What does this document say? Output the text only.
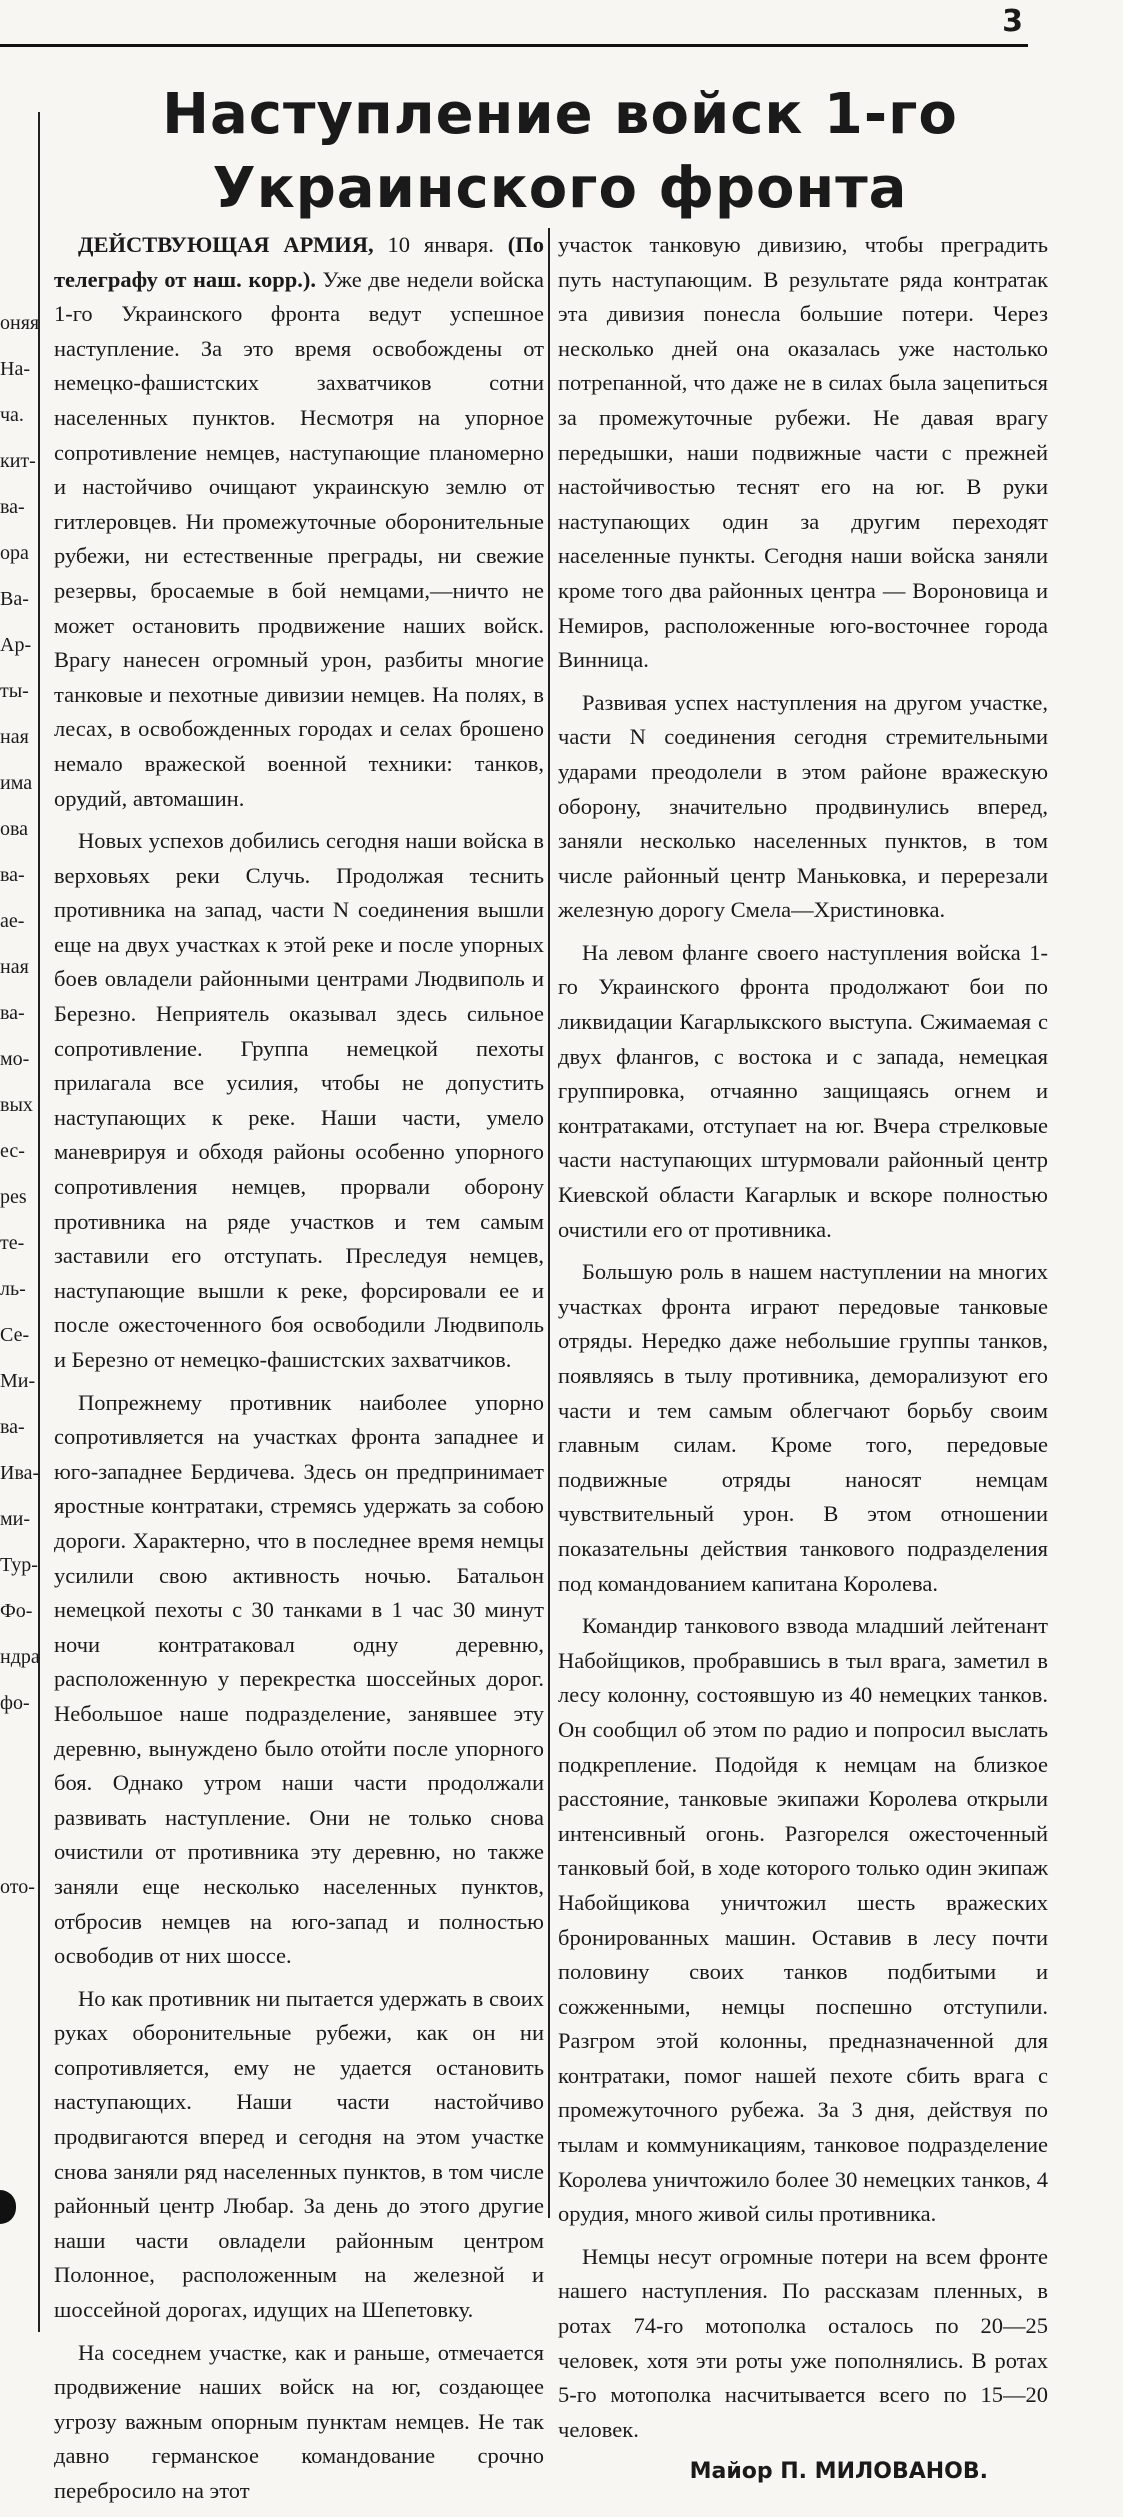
3
оняя
На-
ча.
кит-
ва-
ора
Ва-
Ар-
ты-
ная
има
ова
ва-
ае-
ная
ва-
мо-
вых
ес-
реs
те-
ль-
Се-
Ми-
ва-
Ива-
ми-
Тур-
Фо-
ндра
фо-
ото-
Наступление войск 1-го
Украинского фронта

ДЕЙСТВУЮЩАЯ АРМИЯ, 10 января. (По телеграфу от наш. корр.). Уже две недели войска 1-го Украинского фронта ведут успешное наступление. За это время освобождены от немецко-фашистских захватчиков сотни населенных пунктов. Несмотря на упорное сопротивление немцев, наступающие планомерно и настойчиво очищают украинскую землю от гитлеровцев. Ни промежуточные оборонительные рубежи, ни естественные преграды, ни свежие резервы, бросаемые в бой немцами,—ничто не может остановить продвижение наших войск. Врагу нанесен огромный урон, разбиты многие танковые и пехотные дивизии немцев. На полях, в лесах, в освобожденных городах и селах брошено немало вражеской военной техники: танков, орудий, автомашин.

Новых успехов добились сегодня наши войска в верховьях реки Случь. Продолжая теснить противника на запад, части N соединения вышли еще на двух участках к этой реке и после упорных боев овладели районными центрами Людвиполь и Березно. Неприятель оказывал здесь сильное сопротивление. Группа немецкой пехоты прилагала все усилия, чтобы не допустить наступающих к реке. Наши части, умело маневрируя и обходя районы особенно упорного сопротивления немцев, прорвали оборону противника на ряде участков и тем самым заставили его отступать. Преследуя немцев, наступающие вышли к реке, форсировали ее и после ожесточенного боя освободили Людвиполь и Березно от немецко-фашистских захватчиков.

Попрежнему противник наиболее упорно сопротивляется на участках фронта западнее и юго-западнее Бердичева. Здесь он предпринимает яростные контратаки, стремясь удержать за собою дороги. Характерно, что в последнее время немцы усилили свою активность ночью. Батальон немецкой пехоты с 30 танками в 1 час 30 минут ночи контратаковал одну деревню, расположенную у перекрестка шоссейных дорог. Небольшое наше подразделение, занявшее эту деревню, вынуждено было отойти после упорного боя. Однако утром наши части продолжали развивать наступление. Они не только снова очистили от противника эту деревню, но также заняли еще несколько населенных пунктов, отбросив немцев на юго-запад и полностью освободив от них шоссе.

Но как противник ни пытается удержать в своих руках оборонительные рубежи, как он ни сопротивляется, ему не удается остановить наступающих. Наши части настойчиво продвигаются вперед и сегодня на этом участке снова заняли ряд населенных пунктов, в том числе районный центр Любар. За день до этого другие наши части овладели районным центром Полонное, расположенным на железной и шоссейной дорогах, идущих на Шепетовку.

На соседнем участке, как и раньше, отмечается продвижение наших войск на юг, создающее угрозу важным опорным пунктам немцев. Не так давно германское командование срочно перебросило на этот

участок танковую дивизию, чтобы преградить путь наступающим. В результате ряда контратак эта дивизия понесла большие потери. Через несколько дней она оказалась уже настолько потрепанной, что даже не в силах была зацепиться за промежуточные рубежи. Не давая врагу передышки, наши подвижные части с прежней настойчивостью теснят его на юг. В руки наступающих один за другим переходят населенные пункты. Сегодня наши войска заняли кроме того два районных центра — Вороновица и Немиров, расположенные юго-восточнее города Винница.

Развивая успех наступления на другом участке, части N соединения сегодня стремительными ударами преодолели в этом районе вражескую оборону, значительно продвинулись вперед, заняли несколько населенных пунктов, в том числе районный центр Маньковка, и перерезали железную дорогу Смела—Христиновка.

На левом фланге своего наступления войска 1-го Украинского фронта продолжают бои по ликвидации Кагарлыкского выступа. Сжимаемая с двух флангов, с востока и с запада, немецкая группировка, отчаянно защищаясь огнем и контратаками, отступает на юг. Вчера стрелковые части наступающих штурмовали районный центр Киевской области Кагарлык и вскоре полностью очистили его от противника.

Большую роль в нашем наступлении на многих участках фронта играют передовые танковые отряды. Нередко даже небольшие группы танков, появляясь в тылу противника, деморализуют его части и тем самым облегчают борьбу своим главным силам. Кроме того, передовые подвижные отряды наносят немцам чувствительный урон. В этом отношении показательны действия танкового подразделения под командованием капитана Королева.

Командир танкового взвода младший лейтенант Набойщиков, пробравшись в тыл врага, заметил в лесу колонну, состоявшую из 40 немецких танков. Он сообщил об этом по радио и попросил выслать подкрепление. Подойдя к немцам на близкое расстояние, танковые экипажи Королева открыли интенсивный огонь. Разгорелся ожесточенный танковый бой, в ходе которого только один экипаж Набойщикова уничтожил шесть вражеских бронированных машин. Оставив в лесу почти половину своих танков подбитыми и сожженными, немцы поспешно отступили. Разгром этой колонны, предназначенной для контратаки, помог нашей пехоте сбить врага с промежуточного рубежа. За 3 дня, действуя по тылам и коммуникациям, танковое подразделение Королева уничтожило более 30 немецких танков, 4 орудия, много живой силы противника.

Немцы несут огромные потери на всем фронте нашего наступления. По рассказам пленных, в ротах 74-го мотополка осталось по 20—25 человек, хотя эти роты уже пополнялись. В ротах 5-го мотополка насчитывается всего по 15—20 человек.

Майор П. МИЛОВАНОВ.
